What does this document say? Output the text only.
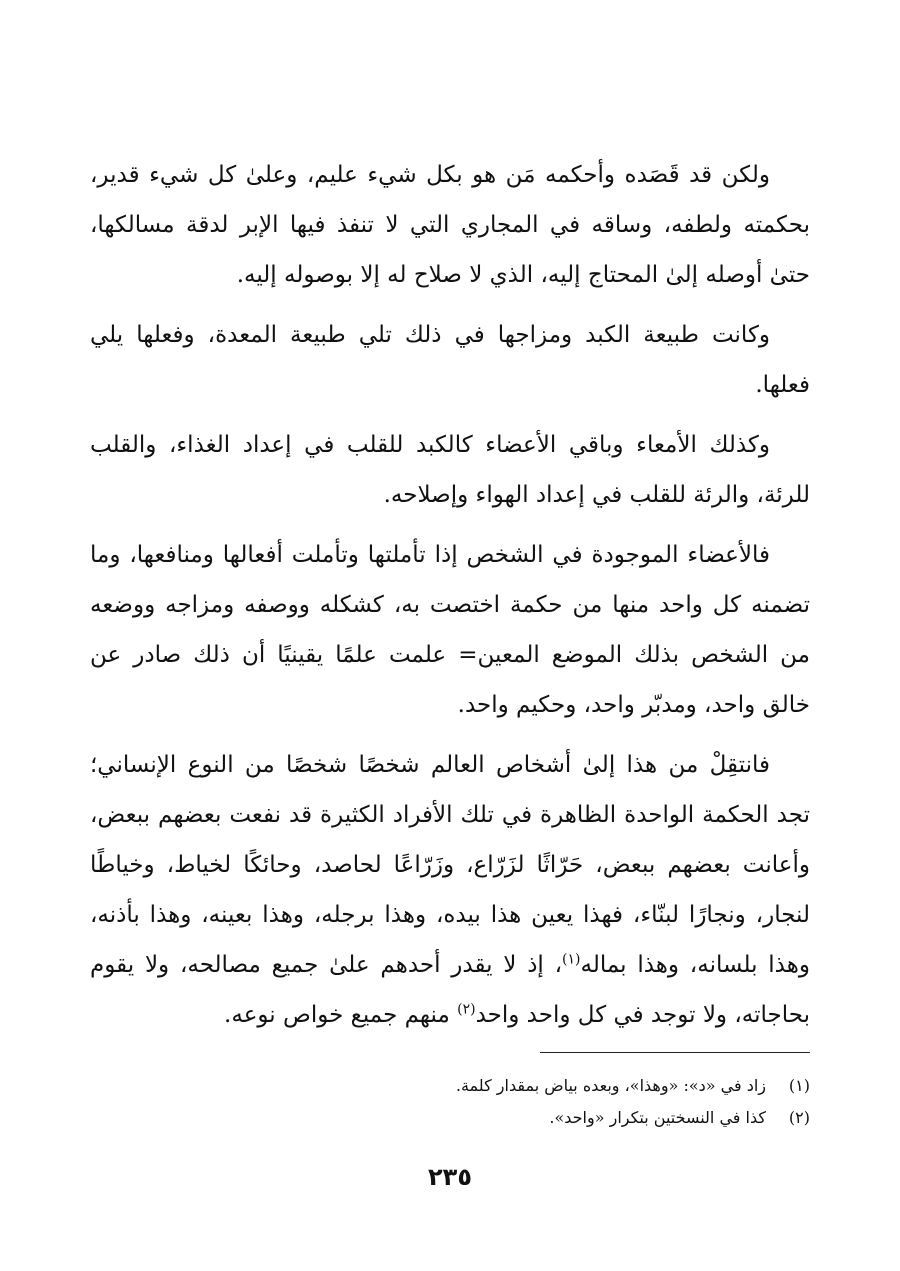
ولكن قد قَصَده وأحكمه مَن هو بكل شيء عليم، وعلىٰ كل شيء قدير، بحكمته ولطفه، وساقه في المجاري التي لا تنفذ فيها الإبر لدقة مسالكها، حتىٰ أوصله إلىٰ المحتاج إليه، الذي لا صلاح له إلا بوصوله إليه.

وكانت طبيعة الكبد ومزاجها في ذلك تلي طبيعة المعدة، وفعلها يلي فعلها.

وكذلك الأمعاء وباقي الأعضاء كالكبد للقلب في إعداد الغذاء، والقلب للرئة، والرئة للقلب في إعداد الهواء وإصلاحه.

فالأعضاء الموجودة في الشخص إذا تأملتها وتأملت أفعالها ومنافعها، وما تضمنه كل واحد منها من حكمة اختصت به، كشكله ووصفه ومزاجه ووضعه من الشخص بذلك الموضع المعين= علمت علمًا يقينيًا أن ذلك صادر عن خالق واحد، ومدبّر واحد، وحكيم واحد.

فانتقِلْ من هذا إلىٰ أشخاص العالم شخصًا شخصًا من النوع الإنساني؛ تجد الحكمة الواحدة الظاهرة في تلك الأفراد الكثيرة قد نفعت بعضهم ببعض، وأعانت بعضهم ببعض، حَرّاثًا لزَرّاع، وزَرّاعًا لحاصد، وحائكًا لخياط، وخياطًا لنجار، ونجارًا لبنّاء، فهذا يعين هذا بيده، وهذا برجله، وهذا بعينه، وهذا بأذنه، وهذا بلسانه، وهذا بماله$^{(١)}$، إذ لا يقدر أحدهم علىٰ جميع مصالحه، ولا يقوم بحاجاته، ولا توجد في كل واحد واحد$^{(٢)}$ منهم جميع خواص نوعه.

(١)زاد في «د»: «وهذا»، وبعده بياض بمقدار كلمة.

(٢)كذا في النسختين بتكرار «واحد».

٢٣٥
